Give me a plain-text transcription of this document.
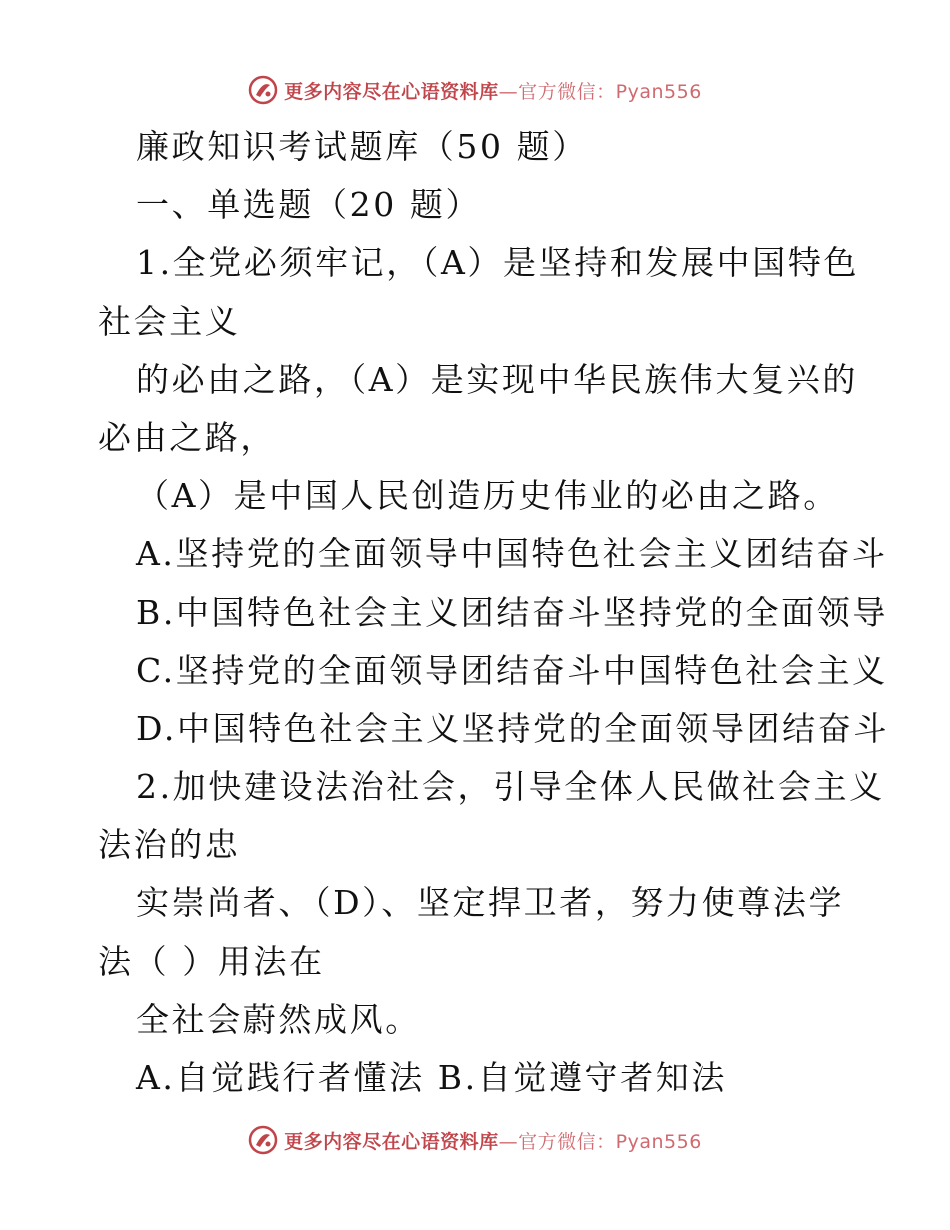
更多内容尽在心语资料库 —官方微信：Pyan556
廉政知识考试题库（50 题）
一、单选题（20 题）
1.全党必须牢记，（A）是坚持和发展中国特色
社会主义
的必由之路，（A）是实现中华民族伟大复兴的
必由之路，
（A）是中国人民创造历史伟业的必由之路。
A.坚持党的全面领导中国特色社会主义团结奋斗
B.中国特色社会主义团结奋斗坚持党的全面领导
C.坚持党的全面领导团结奋斗中国特色社会主义
D.中国特色社会主义坚持党的全面领导团结奋斗
2.加快建设法治社会，引导全体人民做社会主义
法治的忠
实崇尚者、（D）、坚定捍卫者，努力使尊法学
法（ ）用法在
全社会蔚然成风。
A.自觉践行者懂法 B.自觉遵守者知法
更多内容尽在心语资料库 —官方微信：Pyan556
